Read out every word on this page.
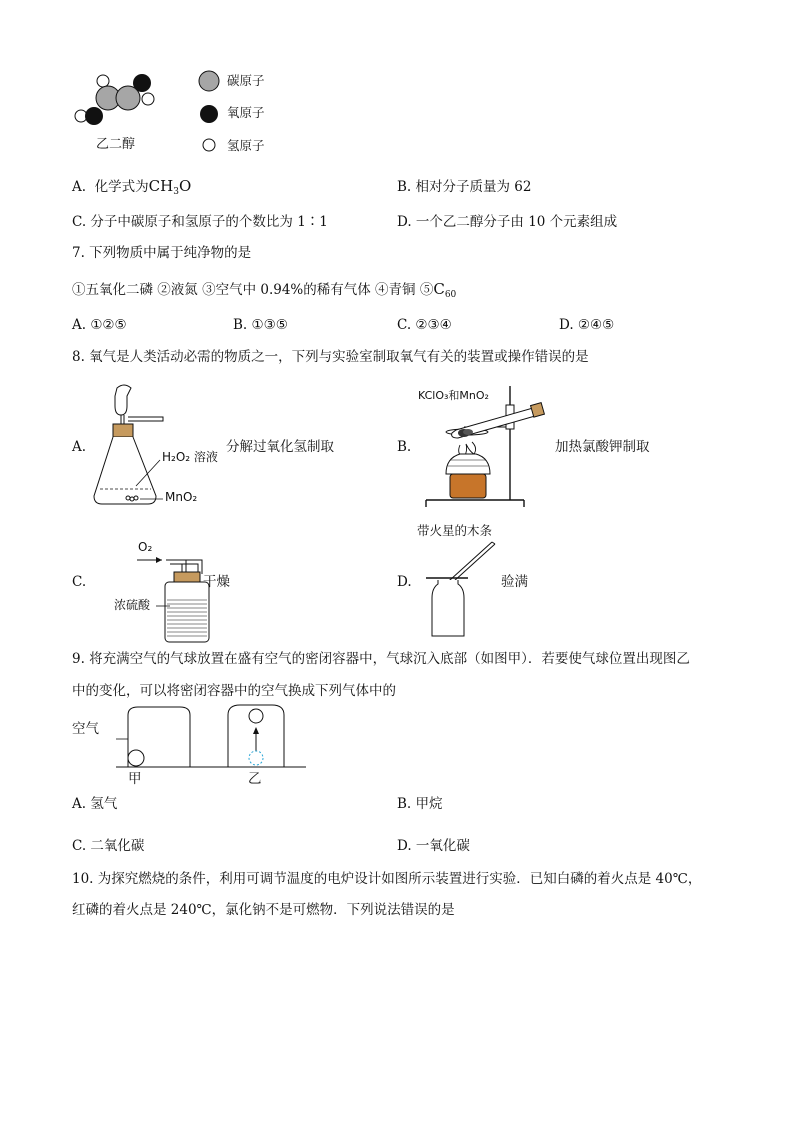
乙二醇
碳原子
氧原子
氢原子
A. 化学式为$CH_3O$	B. 相对分子质量为 62
C. 分子中碳原子和氢原子的个数比为 1∶1	D. 一个乙二醇分子由 10 个元素组成
7. 下列物质中属于纯净物的是
①五氧化二磷 ②液氮 ③空气中 0.94%的稀有气体 ④青铜 $⑤C_{60}$
A. ①②⑤	B. ①③⑤	C. ②③④	D. ②④⑤
8. 氧气是人类活动必需的物质之一，下列与实验室制取氧气有关的装置或操作错误的是
A.
H₂O₂ 溶液
MnO₂
分解过氧化氢制取	B.
KClO₃和MnO₂
加热氯酸钾制取
C.
O₂
浓硫酸
干燥	D.
带火星的木条
验满
9. 将充满空气的气球放置在盛有空气的密闭容器中，气球沉入底部（如图甲）．若要使气球位置出现图乙
中的变化，可以将密闭容器中的空气换成下列气体中的
空气
甲	乙
A. 氢气	B. 甲烷
C. 二氧化碳	D. 一氧化碳
10. 为探究燃烧的条件，利用可调节温度的电炉设计如图所示装置进行实验．已知白磷的着火点是 40℃，
红磷的着火点是 240℃，氯化钠不是可燃物．下列说法错误的是
